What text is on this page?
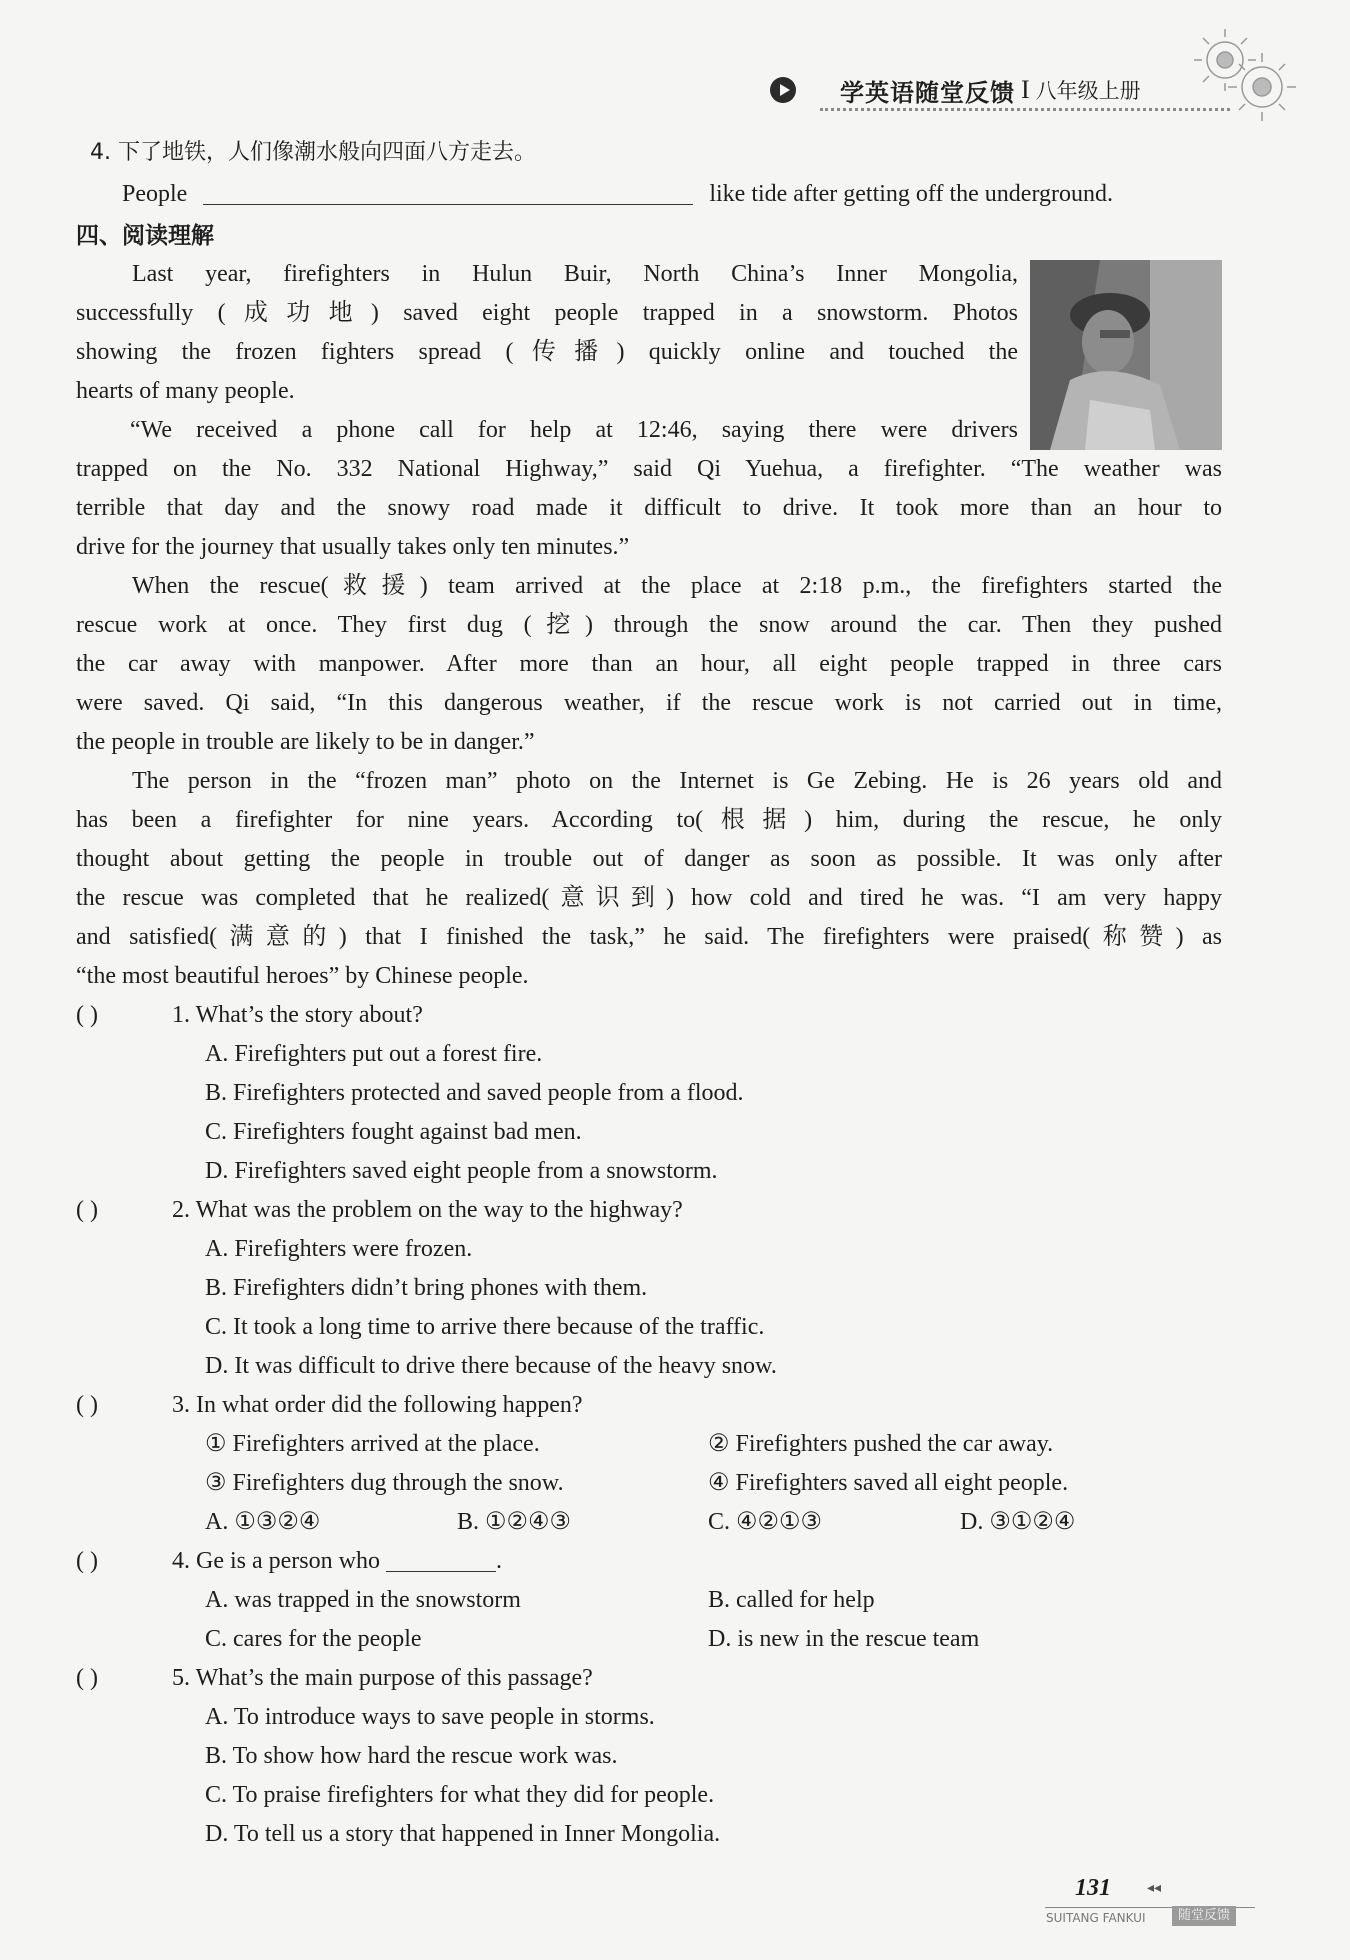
学英语随堂反馈 I 八年级上册
4. 下了地铁，人们像潮水般向四面八方走去。
People	like tide after getting off the underground.
四、阅读理解
Last year, firefighters in Hulun Buir, North China’s Inner Mongolia,
successfully (成功地) saved eight people trapped in a snowstorm. Photos
showing the frozen fighters spread (传播) quickly online and touched the
hearts of many people.
“We received a phone call for help at 12:46, saying there were drivers
trapped on the No. 332 National Highway,” said Qi Yuehua, a firefighter. “The weather was
terrible that day and the snowy road made it difficult to drive. It took more than an hour to
drive for the journey that usually takes only ten minutes.”
When the rescue(救援) team arrived at the place at 2:18 p.m., the firefighters started the
rescue work at once. They first dug (挖) through the snow around the car. Then they pushed
the car away with manpower. After more than an hour, all eight people trapped in three cars
were saved. Qi said, “In this dangerous weather, if the rescue work is not carried out in time,
the people in trouble are likely to be in danger.”
The person in the “frozen man” photo on the Internet is Ge Zebing. He is 26 years old and
has been a firefighter for nine years. According to(根据) him, during the rescue, he only
thought about getting the people in trouble out of danger as soon as possible. It was only after
the rescue was completed that he realized(意识到) how cold and tired he was. “I am very happy
and satisfied(满意的) that I finished the task,” he said. The firefighters were praised(称赞) as
“the most beautiful heroes” by Chinese people.
( )	1. What’s the story about?
A. Firefighters put out a forest fire.
B. Firefighters protected and saved people from a flood.
C. Firefighters fought against bad men.
D. Firefighters saved eight people from a snowstorm.
( )	2. What was the problem on the way to the highway?
A. Firefighters were frozen.
B. Firefighters didn’t bring phones with them.
C. It took a long time to arrive there because of the traffic.
D. It was difficult to drive there because of the heavy snow.
( )	3. In what order did the following happen?
① Firefighters arrived at the place.	② Firefighters pushed the car away.
③ Firefighters dug through the snow.	④ Firefighters saved all eight people.
A. ①③②④	B. ①②④③	C. ④②①③	D. ③①②④
( )	4. Ge is a person who	.
A. was trapped in the snowstorm	B. called for help
C. cares for the people	D. is new in the rescue team
( )	5. What’s the main purpose of this passage?
A. To introduce ways to save people in storms.
B. To show how hard the rescue work was.
C. To praise firefighters for what they did for people.
D. To tell us a story that happened in Inner Mongolia.
131	◂◂
SUITANG FANKUI	随堂反馈
